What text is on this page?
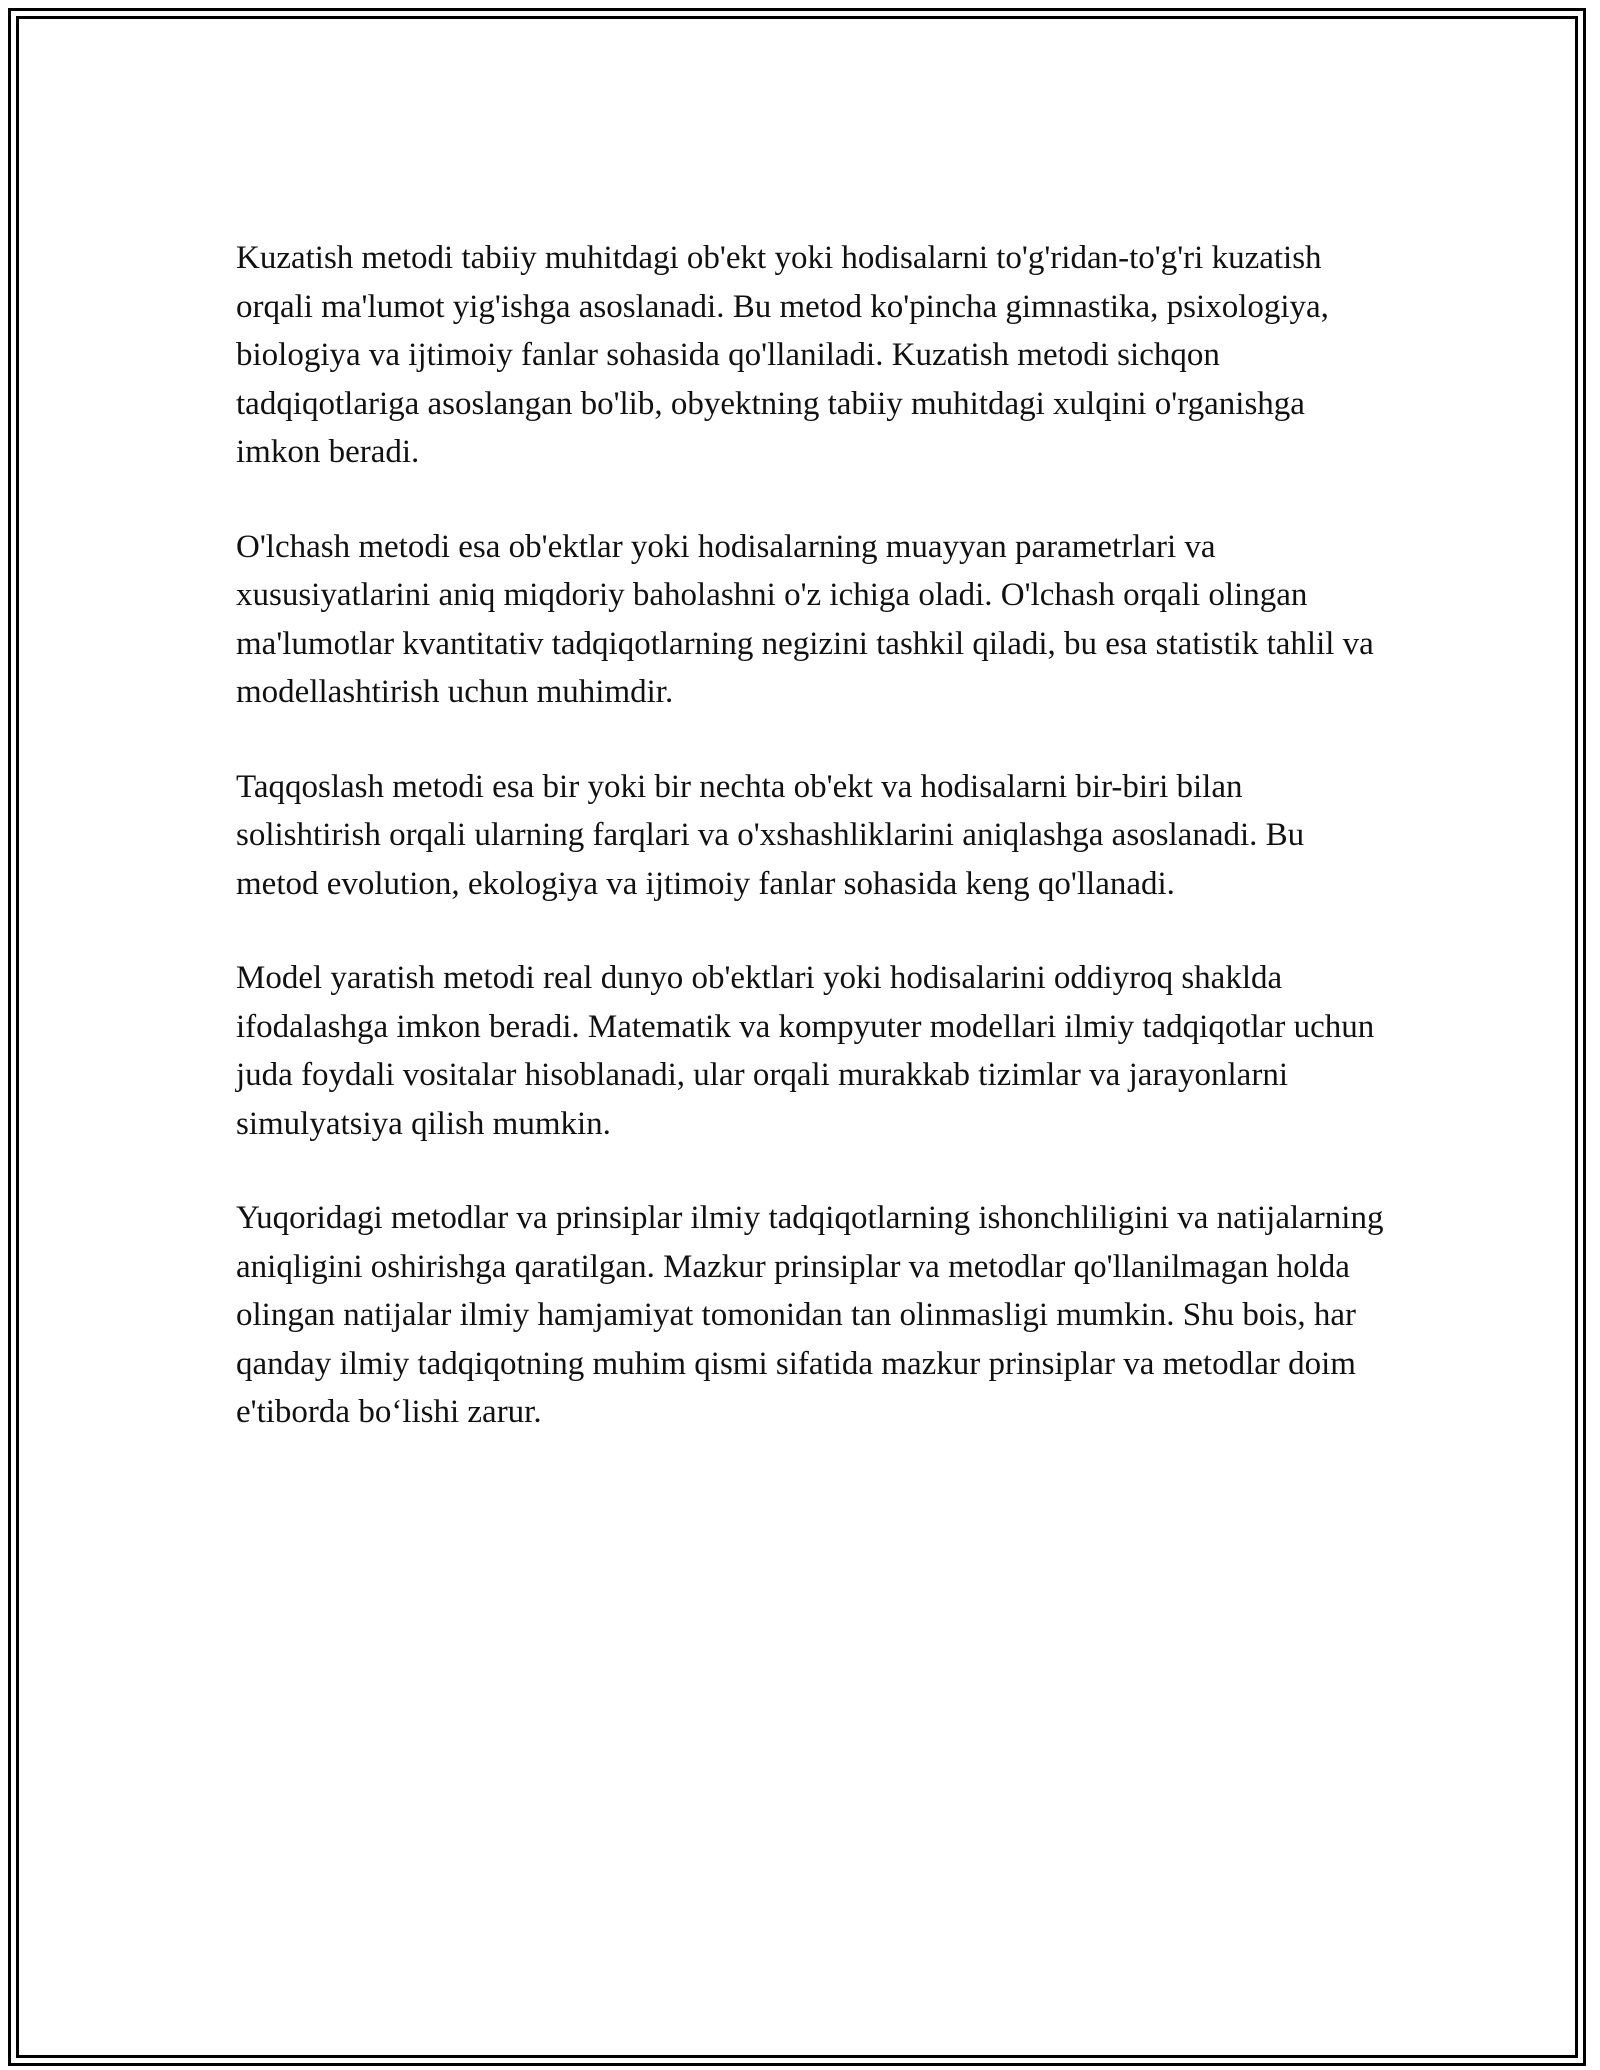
Kuzatish metodi tabiiy muhitdagi ob'ekt yoki hodisalarni to'g'ridan-to'g'ri kuzatish orqali ma'lumot yig'ishga asoslanadi. Bu metod ko'pincha gimnastika, psixologiya, biologiya va ijtimoiy fanlar sohasida qo'llaniladi. Kuzatish metodi sichqon tadqiqotlariga asoslangan bo'lib, obyektning tabiiy muhitdagi xulqini o'rganishga imkon beradi.

O'lchash metodi esa ob'ektlar yoki hodisalarning muayyan parametrlari va xususiyatlarini aniq miqdoriy baholashni o'z ichiga oladi. O'lchash orqali olingan ma'lumotlar kvantitativ tadqiqotlarning negizini tashkil qiladi, bu esa statistik tahlil va modellashtirish uchun muhimdir.

Taqqoslash metodi esa bir yoki bir nechta ob'ekt va hodisalarni bir-biri bilan solishtirish orqali ularning farqlari va o'xshashliklarini aniqlashga asoslanadi. Bu metod evolution, ekologiya va ijtimoiy fanlar sohasida keng qo'llanadi.

Model yaratish metodi real dunyo ob'ektlari yoki hodisalarini oddiyroq shaklda ifodalashga imkon beradi. Matematik va kompyuter modellari ilmiy tadqiqotlar uchun juda foydali vositalar hisoblanadi, ular orqali murakkab tizimlar va jarayonlarni simulyatsiya qilish mumkin.

Yuqoridagi metodlar va prinsiplar ilmiy tadqiqotlarning ishonchliligini va natijalarning aniqligini oshirishga qaratilgan. Mazkur prinsiplar va metodlar qo'llanilmagan holda olingan natijalar ilmiy hamjamiyat tomonidan tan olinmasligi mumkin. Shu bois, har qanday ilmiy tadqiqotning muhim qismi sifatida mazkur prinsiplar va metodlar doim e'tiborda bo‘lishi zarur.
